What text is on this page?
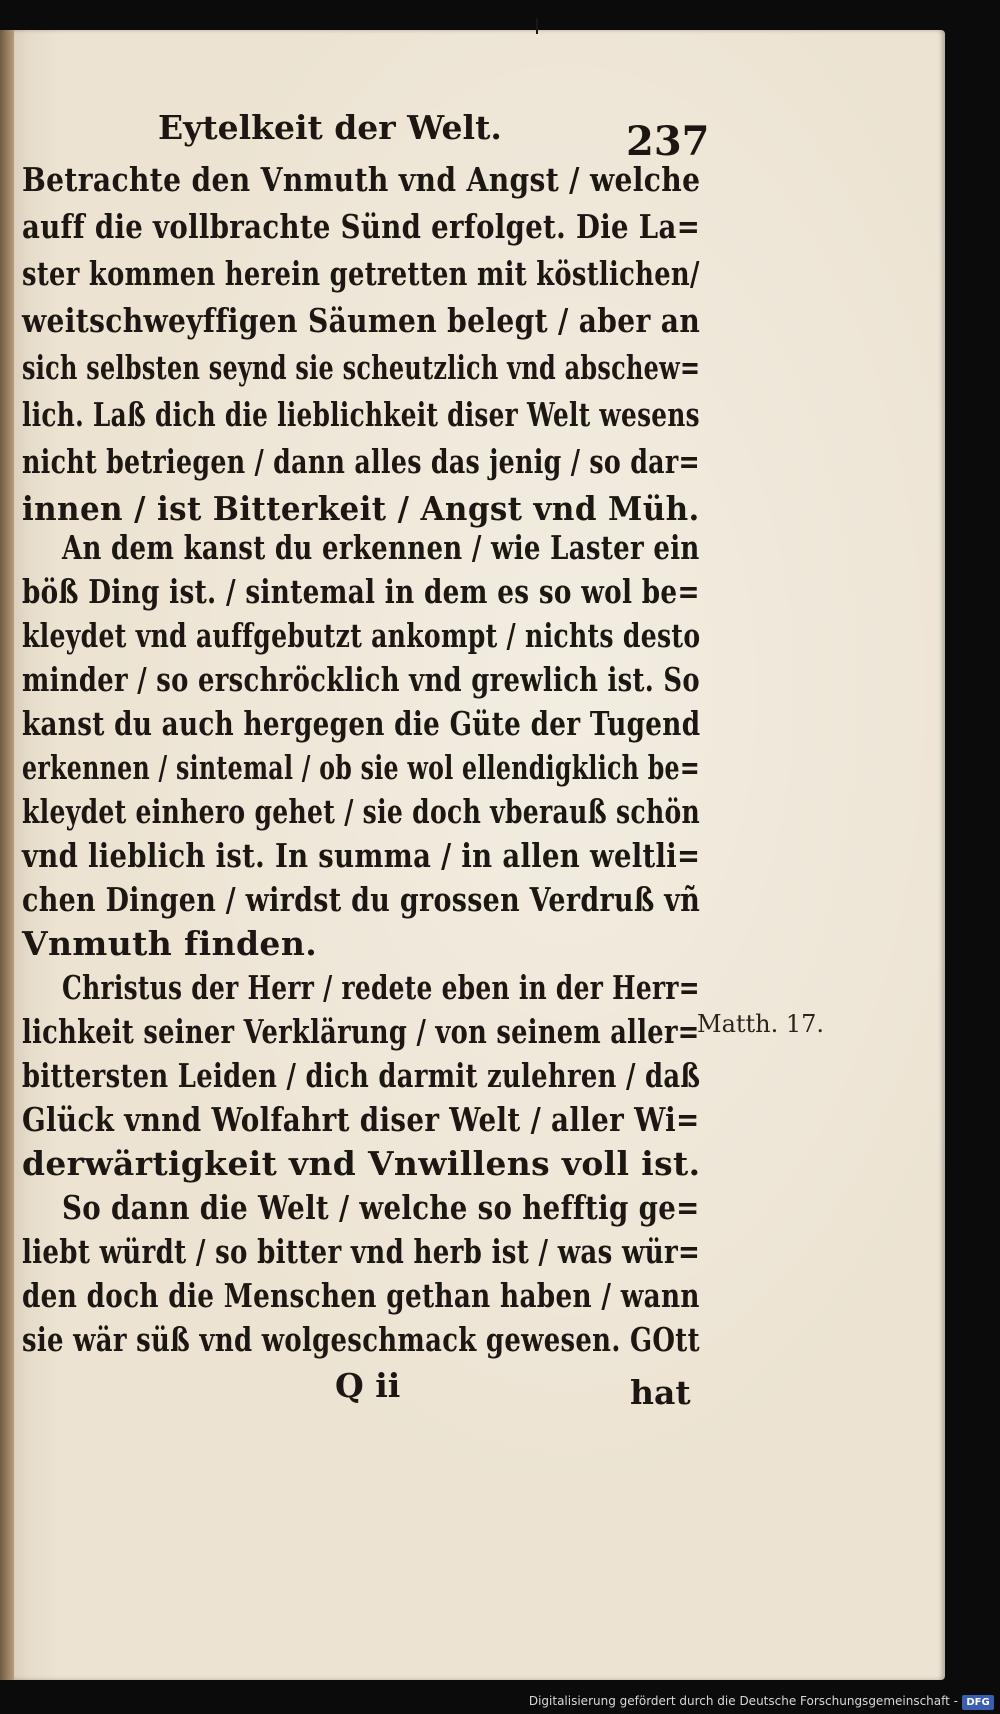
Eytelkeit der Welt.	237
Betrachte den Vnmuth vnd Angst / welche
auff die vollbrachte Sünd erfolget. Die La=
ster kommen herein getretten mit köstlichen/
weitschweyffigen Säumen belegt / aber an
sich selbsten seynd sie scheutzlich vnd abschew=
lich. Laß dich die lieblichkeit diser Welt wesens
nicht betriegen / dann alles das jenig / so dar=
innen / ist Bitterkeit / Angst vnd Müh.
An dem kanst du erkennen / wie Laster ein
böß Ding ist. / sintemal in dem es so wol be=
kleydet vnd auffgebutzt ankompt / nichts desto
minder / so erschröcklich vnd grewlich ist. So
kanst du auch hergegen die Güte der Tugend
erkennen / sintemal / ob sie wol ellendigklich be=
kleydet einhero gehet / sie doch vberauß schön
vnd lieblich ist. In summa / in allen weltli=
chen Dingen / wirdst du grossen Verdruß vñ
Vnmuth finden.
Christus der Herr / redete eben in der Herr=
lichkeit seiner Verklärung / von seinem aller=
bittersten Leiden / dich darmit zulehren / daß
Glück vnnd Wolfahrt diser Welt / aller Wi=
derwärtigkeit vnd Vnwillens voll ist.
So dann die Welt / welche so hefftig ge=
liebt würdt / so bitter vnd herb ist / was wür=
den doch die Menschen gethan haben / wann
sie wär süß vnd wolgeschmack gewesen. GOtt
Matth. 17.
Q ii	hat
Digitalisierung gefördert durch die Deutsche Forschungsgemeinschaft - DFG
